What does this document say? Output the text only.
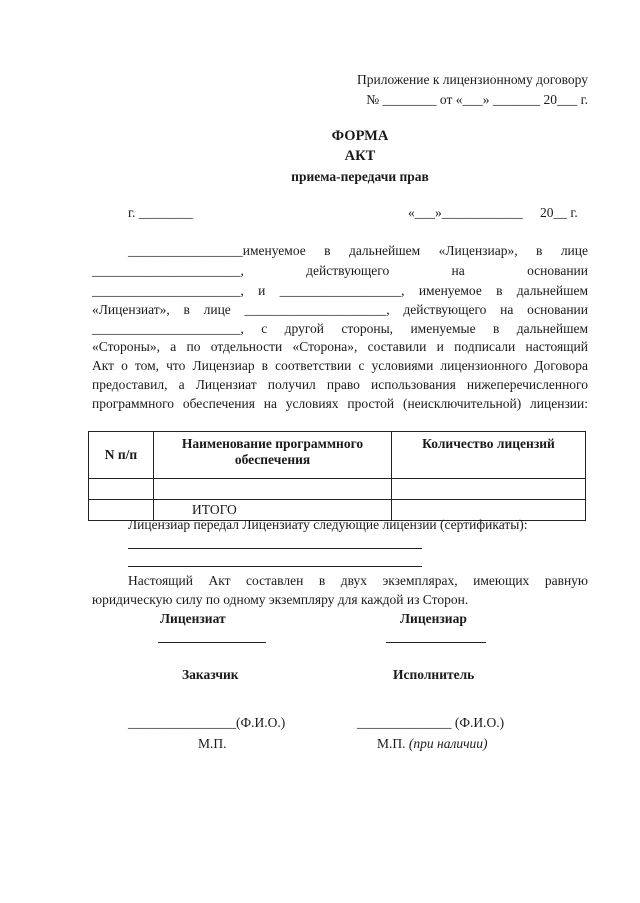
Приложение к лицензионному договору
№ ________ от «___» _______ 20___ г.
ФОРМА
АКТ
приема-передачи прав
г. ________	«___»____________ 20__ г.
_________________именуемое в дальнейшем «Лицензиар», в лице
______________________, действующего на основании
______________________, и __________________, именуемое в дальнейшем
«Лицензиат», в лице _____________________, действующего на основании
______________________, с другой стороны, именуемые в дальнейшем
«Стороны», а по отдельности «Сторона», составили и подписали настоящий
Акт о том, что Лицензиар в соответствии с условиями лицензионного Договора
предоставил, а Лицензиат получил право использования нижеперечисленного
программного обеспечения на условиях простой (неисключительной) лицензии:
N п/п	Наименование программного обеспечения	Количество лицензий

	ИТОГО	
Лицензиар передал Лицензиату следующие лицензии (сертификаты):
Настоящий Акт составлен в двух экземплярах, имеющих равную
юридическую силу по одному экземпляру для каждой из Сторон.
Лицензиат	Лицензиар
Заказчик	Исполнитель
________________(Ф.И.О.)	______________ (Ф.И.О.)
М.П.	М.П. (при наличии)
